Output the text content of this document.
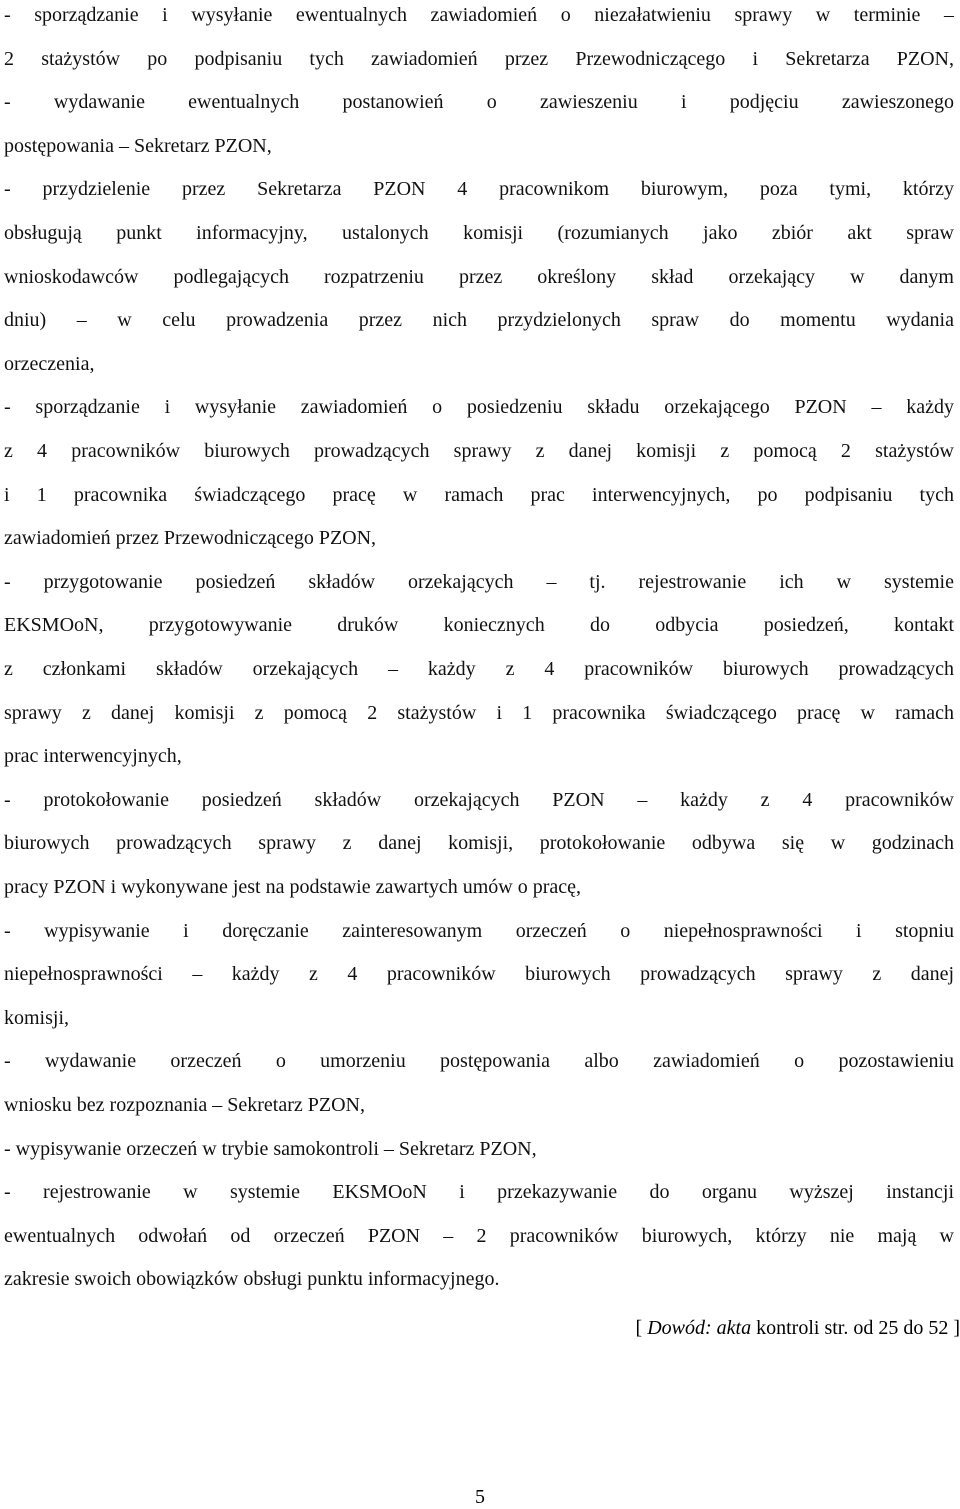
- sporządzanie i wysyłanie ewentualnych zawiadomień o niezałatwieniu sprawy w terminie –
2 stażystów po podpisaniu tych zawiadomień przez Przewodniczącego i Sekretarza PZON,
- wydawanie ewentualnych postanowień o zawieszeniu i podjęciu zawieszonego
postępowania – Sekretarz PZON,
- przydzielenie przez Sekretarza PZON 4 pracownikom biurowym, poza tymi, którzy
obsługują punkt informacyjny, ustalonych komisji (rozumianych jako zbiór akt spraw
wnioskodawców podlegających rozpatrzeniu przez określony skład orzekający w danym
dniu) – w celu prowadzenia przez nich przydzielonych spraw do momentu wydania
orzeczenia,
- sporządzanie i wysyłanie zawiadomień o posiedzeniu składu orzekającego PZON – każdy
z 4 pracowników biurowych prowadzących sprawy z danej komisji z pomocą 2 stażystów
i 1 pracownika świadczącego pracę w ramach prac interwencyjnych, po podpisaniu tych
zawiadomień przez Przewodniczącego PZON,
- przygotowanie posiedzeń składów orzekających – tj. rejestrowanie ich w systemie
EKSMOoN, przygotowywanie druków koniecznych do odbycia posiedzeń, kontakt
z członkami składów orzekających – każdy z 4 pracowników biurowych prowadzących
sprawy z danej komisji z pomocą 2 stażystów i 1 pracownika świadczącego pracę w ramach
prac interwencyjnych,
- protokołowanie posiedzeń składów orzekających PZON – każdy z 4 pracowników
biurowych prowadzących sprawy z danej komisji, protokołowanie odbywa się w godzinach
pracy PZON i wykonywane jest na podstawie zawartych umów o pracę,
- wypisywanie i doręczanie zainteresowanym orzeczeń o niepełnosprawności i stopniu
niepełnosprawności – każdy z 4 pracowników biurowych prowadzących sprawy z danej
komisji,
- wydawanie orzeczeń o umorzeniu postępowania albo zawiadomień o pozostawieniu
wniosku bez rozpoznania – Sekretarz PZON,
- wypisywanie orzeczeń w trybie samokontroli – Sekretarz PZON,
- rejestrowanie w systemie EKSMOoN i przekazywanie do organu wyższej instancji
ewentualnych odwołań od orzeczeń PZON – 2 pracowników biurowych, którzy nie mają w
zakresie swoich obowiązków obsługi punktu informacyjnego.
[ Dowód: akta kontroli str. od 25 do 52 ]
5
